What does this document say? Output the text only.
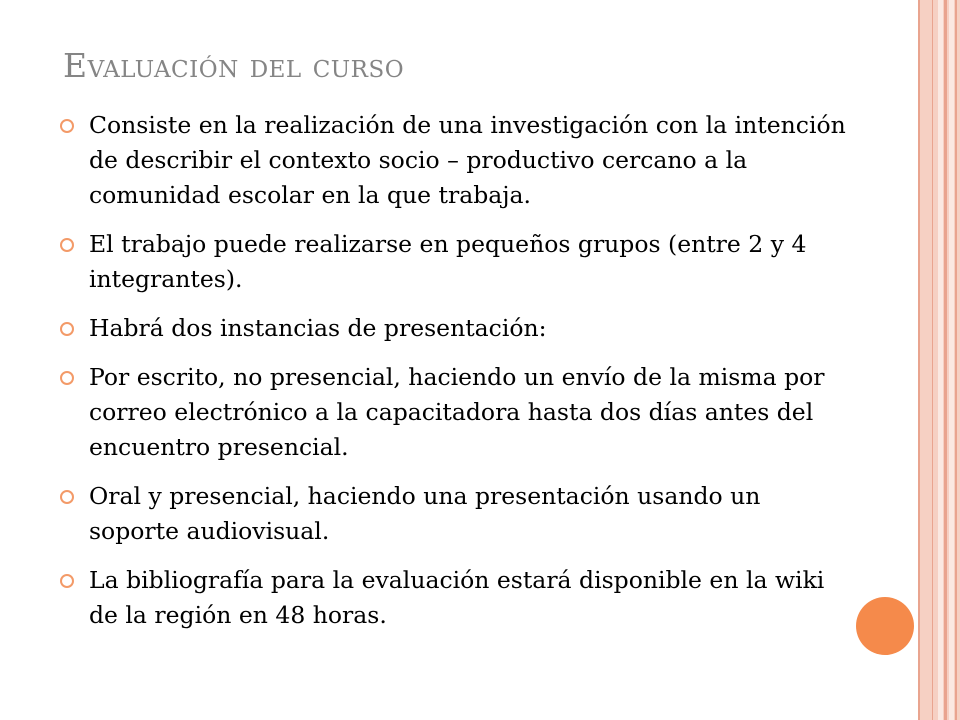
Evaluación del curso
Consiste en la realización de una investigación con la intención de describir el contexto socio – productivo cercano a la comunidad escolar en la que trabaja.
El trabajo puede realizarse en pequeños grupos (entre 2 y 4 integrantes).
Habrá dos instancias de presentación:
Por escrito, no presencial, haciendo un envío de la misma por correo electrónico a la capacitadora hasta dos días antes del encuentro presencial.
Oral y presencial, haciendo una presentación usando un soporte audiovisual.
La bibliografía para la evaluación estará disponible en la wiki de la región en 48 horas.
